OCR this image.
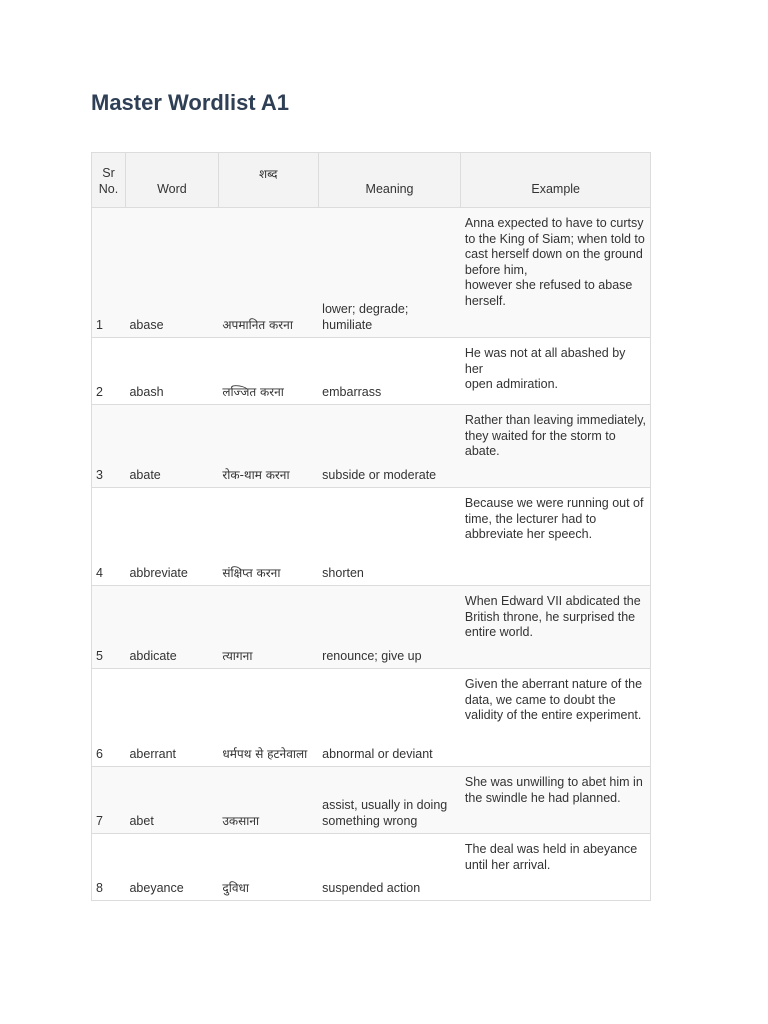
Master Wordlist A1
Sr
No.	Word	शब्द	Meaning	Example
1	abase	अपमानित करना	lower; degrade; humiliate	Anna expected to have to curtsy
to the King of Siam; when told to cast herself down on the ground before him,
however she refused to abase herself.

2	abash	लज्जित करना	embarrass	He was not at all abashed by her
open admiration.

3	abate	रोक-थाम करना	subside or moderate	Rather than leaving immediately,
they waited for the storm to abate.

4	abbreviate	संक्षिप्त करना	shorten	Because we were running out of
time, the lecturer had to abbreviate her speech.

5	abdicate	त्यागना	renounce; give up	When Edward VII abdicated the
British throne, he surprised the entire world.

6	aberrant	धर्मपथ से हटनेवाला	abnormal or deviant	Given the aberrant nature of the
data, we came to doubt the validity of the entire experiment.

7	abet	उकसाना	assist, usually in doing something wrong	She was unwilling to abet him in
the swindle he had planned.

8	abeyance	दुविधा	suspended action	The deal was held in abeyance
until her arrival.
